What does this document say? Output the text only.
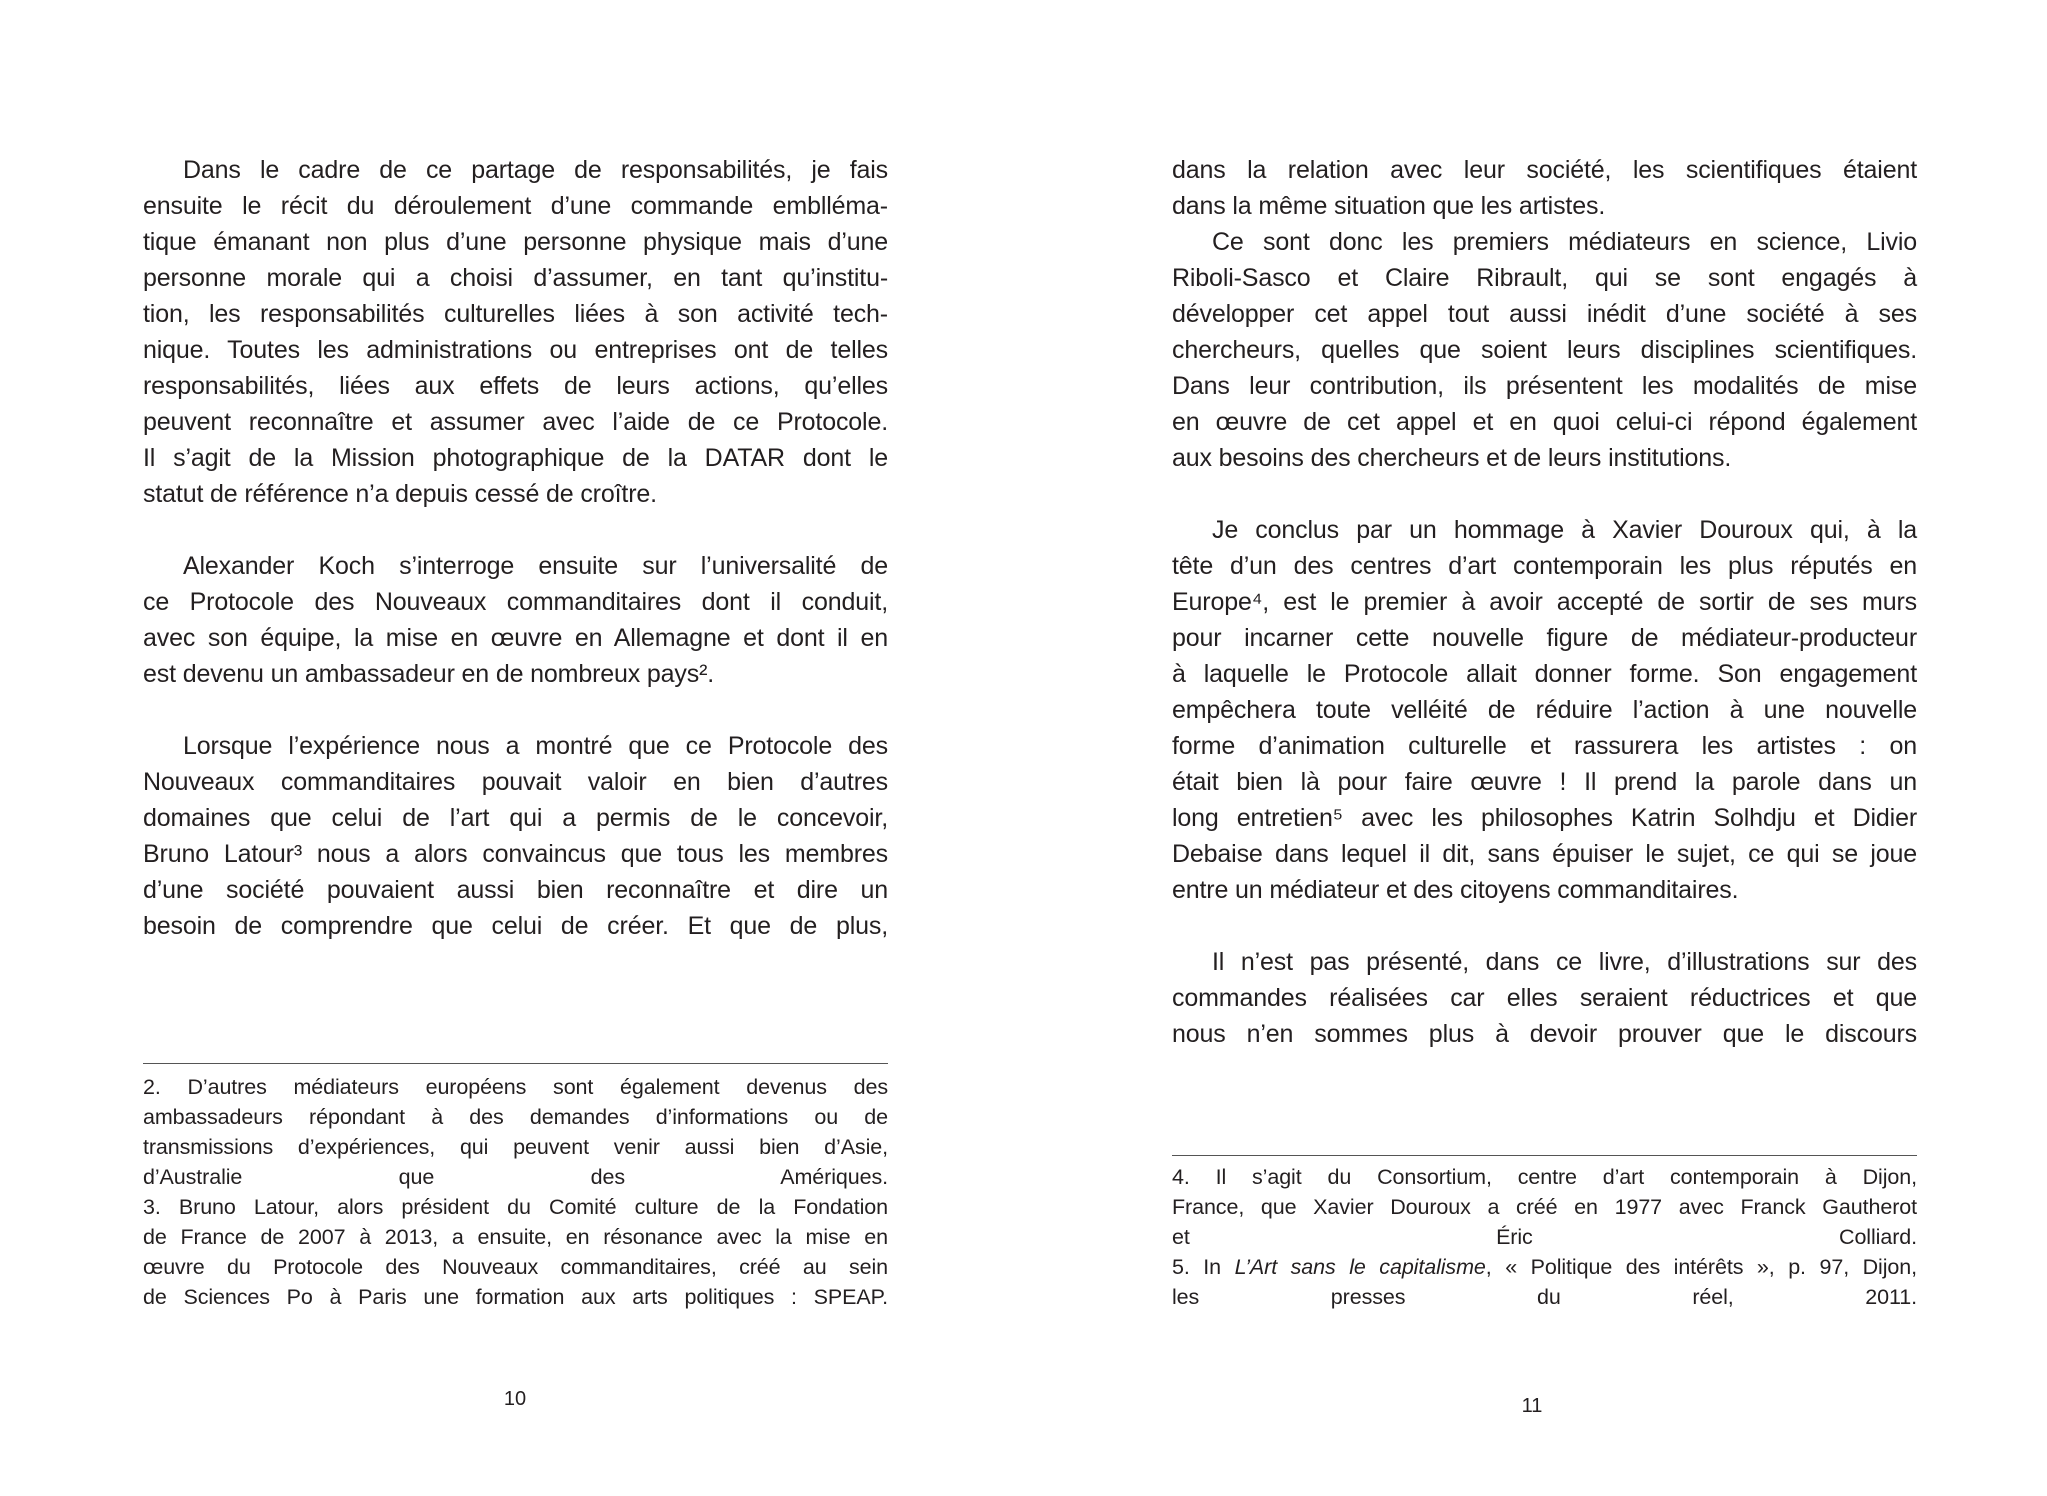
Dans le cadre de ce partage de responsabilités, je fais
ensuite le récit du déroulement d’une commande emblléma-
tique émanant non plus d’une personne physique mais d’une
personne morale qui a choisi d’assumer, en tant qu’institu-
tion, les responsabilités culturelles liées à son activité tech-
nique. Toutes les administrations ou entreprises ont de telles
responsabilités, liées aux effets de leurs actions, qu’elles
peuvent reconnaître et assumer avec l’aide de ce Protocole.
Il s’agit de la Mission photographique de la DATAR dont le
statut de référence n’a depuis cessé de croître.
Alexander Koch s’interroge ensuite sur l’universalité de
ce Protocole des Nouveaux commanditaires dont il conduit,
avec son équipe, la mise en œuvre en Allemagne et dont il en
est devenu un ambassadeur en de nombreux pays².
Lorsque l’expérience nous a montré que ce Protocole des
Nouveaux commanditaires pouvait valoir en bien d’autres
domaines que celui de l’art qui a permis de le concevoir,
Bruno Latour³ nous a alors convaincus que tous les membres
d’une société pouvaient aussi bien reconnaître et dire un
besoin de comprendre que celui de créer. Et que de plus,
2. D’autres médiateurs européens sont également devenus des
ambassadeurs répondant à des demandes d’informations ou de
transmissions d’expériences, qui peuvent venir aussi bien d’Asie,
d’Australie que des Amériques.
3. Bruno Latour, alors président du Comité culture de la Fondation
de France de 2007 à 2013, a ensuite, en résonance avec la mise en
œuvre du Protocole des Nouveaux commanditaires, créé au sein
de Sciences Po à Paris une formation aux arts politiques : SPEAP.
10
dans la relation avec leur société, les scientifiques étaient
dans la même situation que les artistes.
Ce sont donc les premiers médiateurs en science, Livio
Riboli-Sasco et Claire Ribrault, qui se sont engagés à
développer cet appel tout aussi inédit d’une société à ses
chercheurs, quelles que soient leurs disciplines scientifiques.
Dans leur contribution, ils présentent les modalités de mise
en œuvre de cet appel et en quoi celui-ci répond également
aux besoins des chercheurs et de leurs institutions.
Je conclus par un hommage à Xavier Douroux qui, à la
tête d’un des centres d’art contemporain les plus réputés en
Europe⁴, est le premier à avoir accepté de sortir de ses murs
pour incarner cette nouvelle figure de médiateur-producteur
à laquelle le Protocole allait donner forme. Son engagement
empêchera toute velléité de réduire l’action à une nouvelle
forme d’animation culturelle et rassurera les artistes : on
était bien là pour faire œuvre ! Il prend la parole dans un
long entretien⁵ avec les philosophes Katrin Solhdju et Didier
Debaise dans lequel il dit, sans épuiser le sujet, ce qui se joue
entre un médiateur et des citoyens commanditaires.
Il n’est pas présenté, dans ce livre, d’illustrations sur des
commandes réalisées car elles seraient réductrices et que
nous n’en sommes plus à devoir prouver que le discours
4. Il s’agit du Consortium, centre d’art contemporain à Dijon,
France, que Xavier Douroux a créé en 1977 avec Franck Gautherot
et Éric Colliard.
5. In L’Art sans le capitalisme, « Politique des intérêts », p. 97, Dijon,
les presses du réel, 2011.
11
